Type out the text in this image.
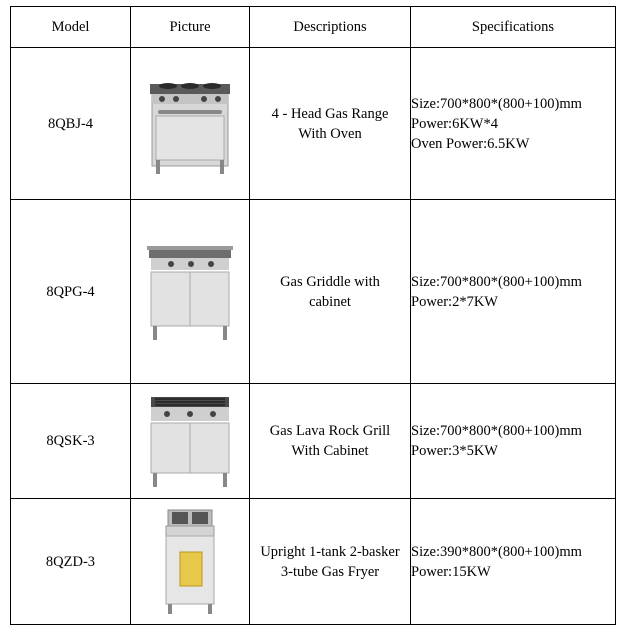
Model	Picture	Descriptions	Specifications
8QBJ-4		4 - Head Gas Range
With Oven	Size:700*800*(800+100)mm
Power:6KW*4
Oven Power:6.5KW

8QPG-4		Gas Griddle with
cabinet	Size:700*800*(800+100)mm
Power:2*7KW

8QSK-3		Gas Lava Rock Grill
With Cabinet	Size:700*800*(800+100)mm
Power:3*5KW

8QZD-3		Upright 1-tank 2-basker
3-tube Gas Fryer	Size:390*800*(800+100)mm
Power:15KW
